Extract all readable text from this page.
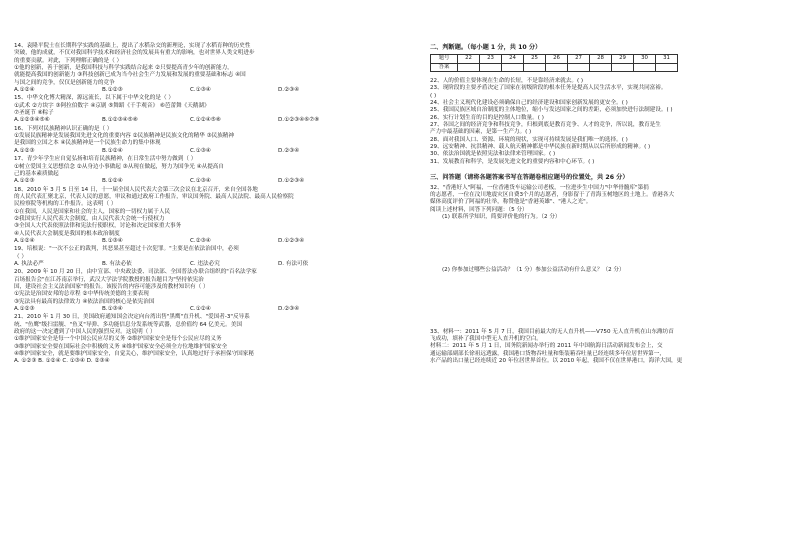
14、袁隆平院士在长期科学实践的基础上，提出了水稻杂交的新理论，实现了水稻育种的历史性

突破，他的成就，不仅对我国科学技术和经济社会的发展具有重大的影响，也对世界人类文明进步

的重要贡献。对此，下列理解正确的是（ ）

①他的创新，善于创新，是我国科技与科学实践结合起来 ②只要提高青少年的创新能力，

就能提高我国的创新能力 ③科技创新已成为当今社会生产力发展和发展的重要基础和标志 ④国

与国之间的竞争，仅仅是创新能力的竞争

A.①②④	B.①②③	C.①③④	D.②③④

15、中华文化博大精深，源远流长，以下属于中华文化的是（ ）

①武术 ②方块字 ③阿拉伯数字 ④京剧 ⑤舞蹈《千手观音》 ⑥芭蕾舞《天鹅湖》

⑦圣诞节 ⑧粽子

A.①②③④⑤⑥	B.①②③④⑤⑧	C.①②④⑤⑧	D.①②③④⑥⑦⑧

16、下列对民族精神认识正确的是（ ）

①发展民族精神是发展我国先进文化的重要内容 ②民族精神是民族文化的精华 ③民族精神

是我国的立国之本 ④民族精神是一个民族生命力的集中体现

A.①②③	B.①②④	C.①③④	D.②③④

17、青少年学生应自觉弘扬和培育民族精神，在日常生活中努力做到（ ）

①树立爱国主义思想信念 ②从身边小事做起 ③从现在做起，努力为国争光 ④从提高自

己的基本素质做起

A.①②③	B.①②④	C.①③④	D.①②③④

18、2010 年 3 月 5 日至 14 日，十一届全国人民代表大会第三次会议在北京召开，来自全国各地

的人民代表汇聚北京，代表人民的意愿，审议和通过政府工作报告，审议国务院、最高人民法院、最高人民检察院

民检察院等机构的工作报告。这表明（ ）

①在我国，人民是国家和社会的主人，国家的一切权力属于人民

②我国实行人民代表大会制度，由人民代表大会统一行使权力

③全国人大代表依照法律和宪法行使职权，讨论和决定国家重大事务

④人民代表大会制度是我国的根本政治制度

A.①②④	B.①③④	C.②③④	D.①②③④

19、培根说："一次不公正的裁判，其恶果甚至超过十次犯罪。"主要是在依法治国中，必须

（ ）

A. 执法必严	B. 有法必依	C. 违法必究	D. 有法可依

20、2009 年 10 月 20 日，由中宣部、中央政法委、司法部、全国普法办联合组织的"百名法学家

百场报告会"在江苏南京举行，武汉大学法学院教授的报告题目为"坚持依宪治

国，建设社会主义法治国家"的报告。该报告的内容可能涉及的教材知识有（ ）

①宪法是治国安邦的总章程 ②中华传统美德的主要表现

③宪法具有最高的法律效力 ④依法治国的核心是依宪治国

A.①②③	B.①③④	C.①②④	D.②③④

21、2010 年 1 月 30 日，美国政府通知国会决定向台湾出售"黑鹰"直升机、"爱国者-3"反导系

统、"鱼鹰"级扫雷舰、"鱼叉"导弹、多功能信息分发系统等武器，总价值约 64 亿美元。美国

政府的这一决定遭到了中国人民的强烈反对。这说明（ ）

①维护国家安全是每一个中国公民应尽的义务 ②维护国家安全是每个公民应尽的义务

③维护国家安全要在国际社会中积极的义务 ④维护国家安全必须全方位地维护国家安全

④维护国家安全，就是要维护国家安全，自觉关心，维护国家安全，认真地过好于承担保守国家秘

A. ①②③ B. ①②④ C. ①③④ D. ②③④

二、判断题。（每小题 1 分，共 10 分）
题号	22	23	24	25	26	27	28	29	30	31
答案										

22、人的价值主要体现在生命的长短，不是靠经济来就去。( )

23、现阶段的主要矛盾决定了国家在初级阶段的根本任务是提高人民生活水平，实现共同富裕。

( )

24、社会主义现代化建设必须确保自己的经济建设和国家创新发展的更安全。( )

25、我国民族区域自治制度的主体地位，缩小与发达国家之间的差距，必须加快进行法制建设。( )

26、实行计划生育的目的是控制人口数量。( )

27、各国之间的经济竞争和科技竞争，归根到底是教育竞争、人才的竞争，所以说，教育是生

产力中最基础的因素，是第一生产力。( )

28、面对我国人口、资源、环境的现状，实现可持续发展是我们唯一的选择。( )

29、远安精神、抗洪精神、载人航天精神都是中华民族在新时期从以后所形成的精神。( )

30、依法治国就是依照宪法和法律来管理国家。( )

31、发展教育和科学，是发展先进文化的重要内容和中心环节。( )

三、问答题（请将各题答案书写在答题卷相应题号的位置处，共 26 分）

32、"香港好人"阿福，一位香港货车运输公司老板，一位进步生中国力"中华骨髓库"第捐

的志愿者，一位在汶川地震灾区自费3个月的志愿者，身影留于了青海玉树地区的土地上。香港各大

媒体高度评价了阿福的壮举，称赞他是"香港英雄"、"港人之光"。

阅读上述材料，回答下列问题：（5 分）

(1) 联系所学知识，简要评价他的行为。（2 分）

(2) 你参加过哪些公益活动？（1 分）参加公益活动有什么意义？（2 分）

33、材料一：2011 年 5 月 7 日，我国目前最大的无人直升机——V750 无人直升机在山东潍坊首

飞成功，填补了我国中型无人直升机的空白。

材料二：2011 年 5 月 1 日，国务院新闻办举行的 2011 年中国航海日活动新闻发布会上，交

通运输部副部长徐祖远透露，我国港口货物吞吐量和集装箱吞吐量已经连续多年位居世界第一，

水产品的出口量已经连续近 20 年位居世界首位。以 2010 年起，我国不仅在世界港口，海洋大国，更
